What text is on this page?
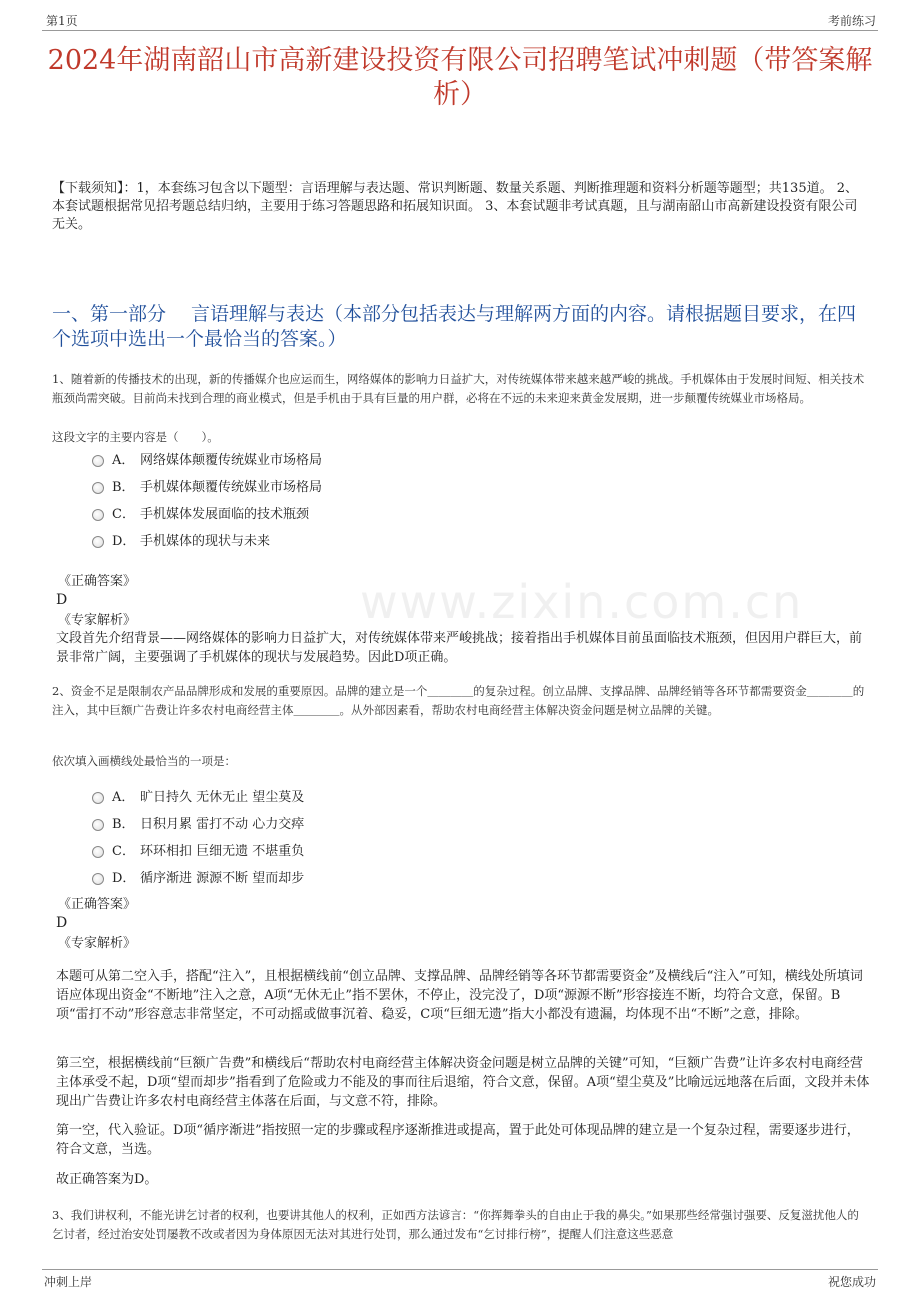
第1页	考前练习
www.zixin.com.cn
2024年湖南韶山市高新建设投资有限公司招聘笔试冲刺题（带答案解析）
【下载须知】：1，本套练习包含以下题型：言语理解与表达题、常识判断题、数量关系题、判断推理题和资料分析题等题型；共135道。 2、本套试题根据常见招考题总结归纳，主要用于练习答题思路和拓展知识面。 3、本套试题非考试真题，且与湖南韶山市高新建设投资有限公司无关。
一、第一部分　 言语理解与表达（本部分包括表达与理解两方面的内容。请根据题目要求，在四个选项中选出一个最恰当的答案。）
1、随着新的传播技术的出现，新的传播媒介也应运而生，网络媒体的影响力日益扩大，对传统媒体带来越来越严峻的挑战。手机媒体由于发展时间短、相关技术瓶颈尚需突破。目前尚未找到合理的商业模式，但是手机由于具有巨量的用户群，必将在不远的未来迎来黄金发展期，进一步颠覆传统媒业市场格局。
这段文字的主要内容是（　　）。
A． 网络媒体颠覆传统媒业市场格局
B． 手机媒体颠覆传统媒业市场格局
C． 手机媒体发展面临的技术瓶颈
D． 手机媒体的现状与未来
《正确答案》
D
《专家解析》
文段首先介绍背景——网络媒体的影响力日益扩大，对传统媒体带来严峻挑战；接着指出手机媒体目前虽面临技术瓶颈，但因用户群巨大，前景非常广阔，主要强调了手机媒体的现状与发展趋势。因此D项正确。
2、资金不足是限制农产品品牌形成和发展的重要原因。品牌的建立是一个＿＿＿＿的复杂过程。创立品牌、支撑品牌、品牌经销等各环节都需要资金＿＿＿＿的注入，其中巨额广告费让许多农村电商经营主体＿＿＿＿。从外部因素看，帮助农村电商经营主体解决资金问题是树立品牌的关键。
依次填入画横线处最恰当的一项是：
A． 旷日持久 无休无止 望尘莫及
B． 日积月累 雷打不动 心力交瘁
C． 环环相扣 巨细无遗 不堪重负
D． 循序渐进 源源不断 望而却步
《正确答案》
D
《专家解析》
本题可从第二空入手，搭配“注入”，且根据横线前“创立品牌、支撑品牌、品牌经销等各环节都需要资金”及横线后“注入”可知，横线处所填词语应体现出资金“不断地”注入之意，A项“无休无止”指不罢休，不停止，没完没了，D项“源源不断”形容接连不断，均符合文意，保留。B项“雷打不动”形容意志非常坚定，不可动摇或做事沉着、稳妥，C项“巨细无遗”指大小都没有遗漏，均体现不出“不断”之意，排除。
第三空，根据横线前“巨额广告费”和横线后“帮助农村电商经营主体解决资金问题是树立品牌的关键”可知，“巨额广告费”让许多农村电商经营主体承受不起，D项“望而却步”指看到了危险或力不能及的事而往后退缩，符合文意，保留。A项“望尘莫及”比喻远远地落在后面，文段并未体现出广告费让许多农村电商经营主体落在后面，与文意不符，排除。
第一空，代入验证。D项“循序渐进”指按照一定的步骤或程序逐渐推进或提高，置于此处可体现品牌的建立是一个复杂过程，需要逐步进行，符合文意，当选。
故正确答案为D。
3、我们讲权利，不能光讲乞讨者的权利，也要讲其他人的权利，正如西方法谚言：“你挥舞拳头的自由止于我的鼻尖。”如果那些经常强讨强要、反复滋扰他人的乞讨者，经过治安处罚屡教不改或者因为身体原因无法对其进行处罚，那么通过发布“乞讨排行榜”，提醒人们注意这些恶意
冲刺上岸	祝您成功
